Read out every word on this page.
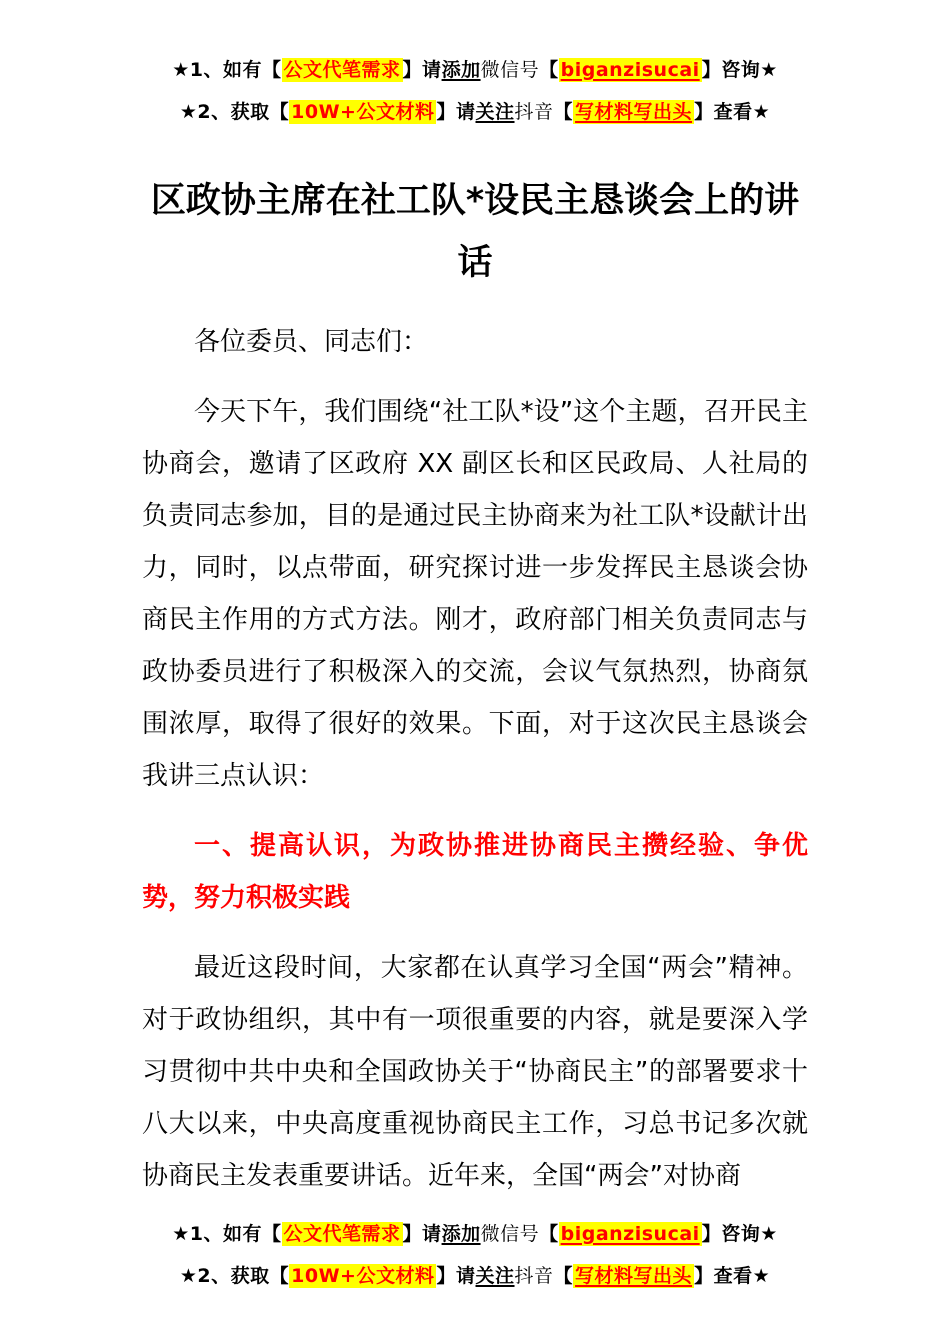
★1、如有【 公文代笔需求 】请添加微信号【 biganzisucai 】咨询★

★2、获取【 10W+公文材料 】请关注抖音【 写材料写出头 】查看★

区政协主席在社工队*设民主恳谈会上的讲话

各位委员、同志们：

今天下午，我们围绕“社工队*设”这个主题，召开民主协商会，邀请了区政府 XX 副区长和区民政局、人社局的负责同志参加，目的是通过民主协商来为社工队*设献计出力，同时，以点带面，研究探讨进一步发挥民主恳谈会协商民主作用的方式方法。刚才，政府部门相关负责同志与政协委员进行了积极深入的交流，会议气氛热烈，协商氛围浓厚，取得了很好的效果。下面，对于这次民主恳谈会我讲三点认识：

一、提高认识，为政协推进协商民主攒经验、争优势，努力积极实践

最近这段时间，大家都在认真学习全国“两会”精神。对于政协组织，其中有一项很重要的内容，就是要深入学习贯彻中共中央和全国政协关于“协商民主”的部署要求十八大以来，中央高度重视协商民主工作，习总书记多次就协商民主发表重要讲话。近年来，全国“两会”对协商

★1、如有【 公文代笔需求 】请添加微信号【 biganzisucai 】咨询★

★2、获取【 10W+公文材料 】请关注抖音【 写材料写出头 】查看★
